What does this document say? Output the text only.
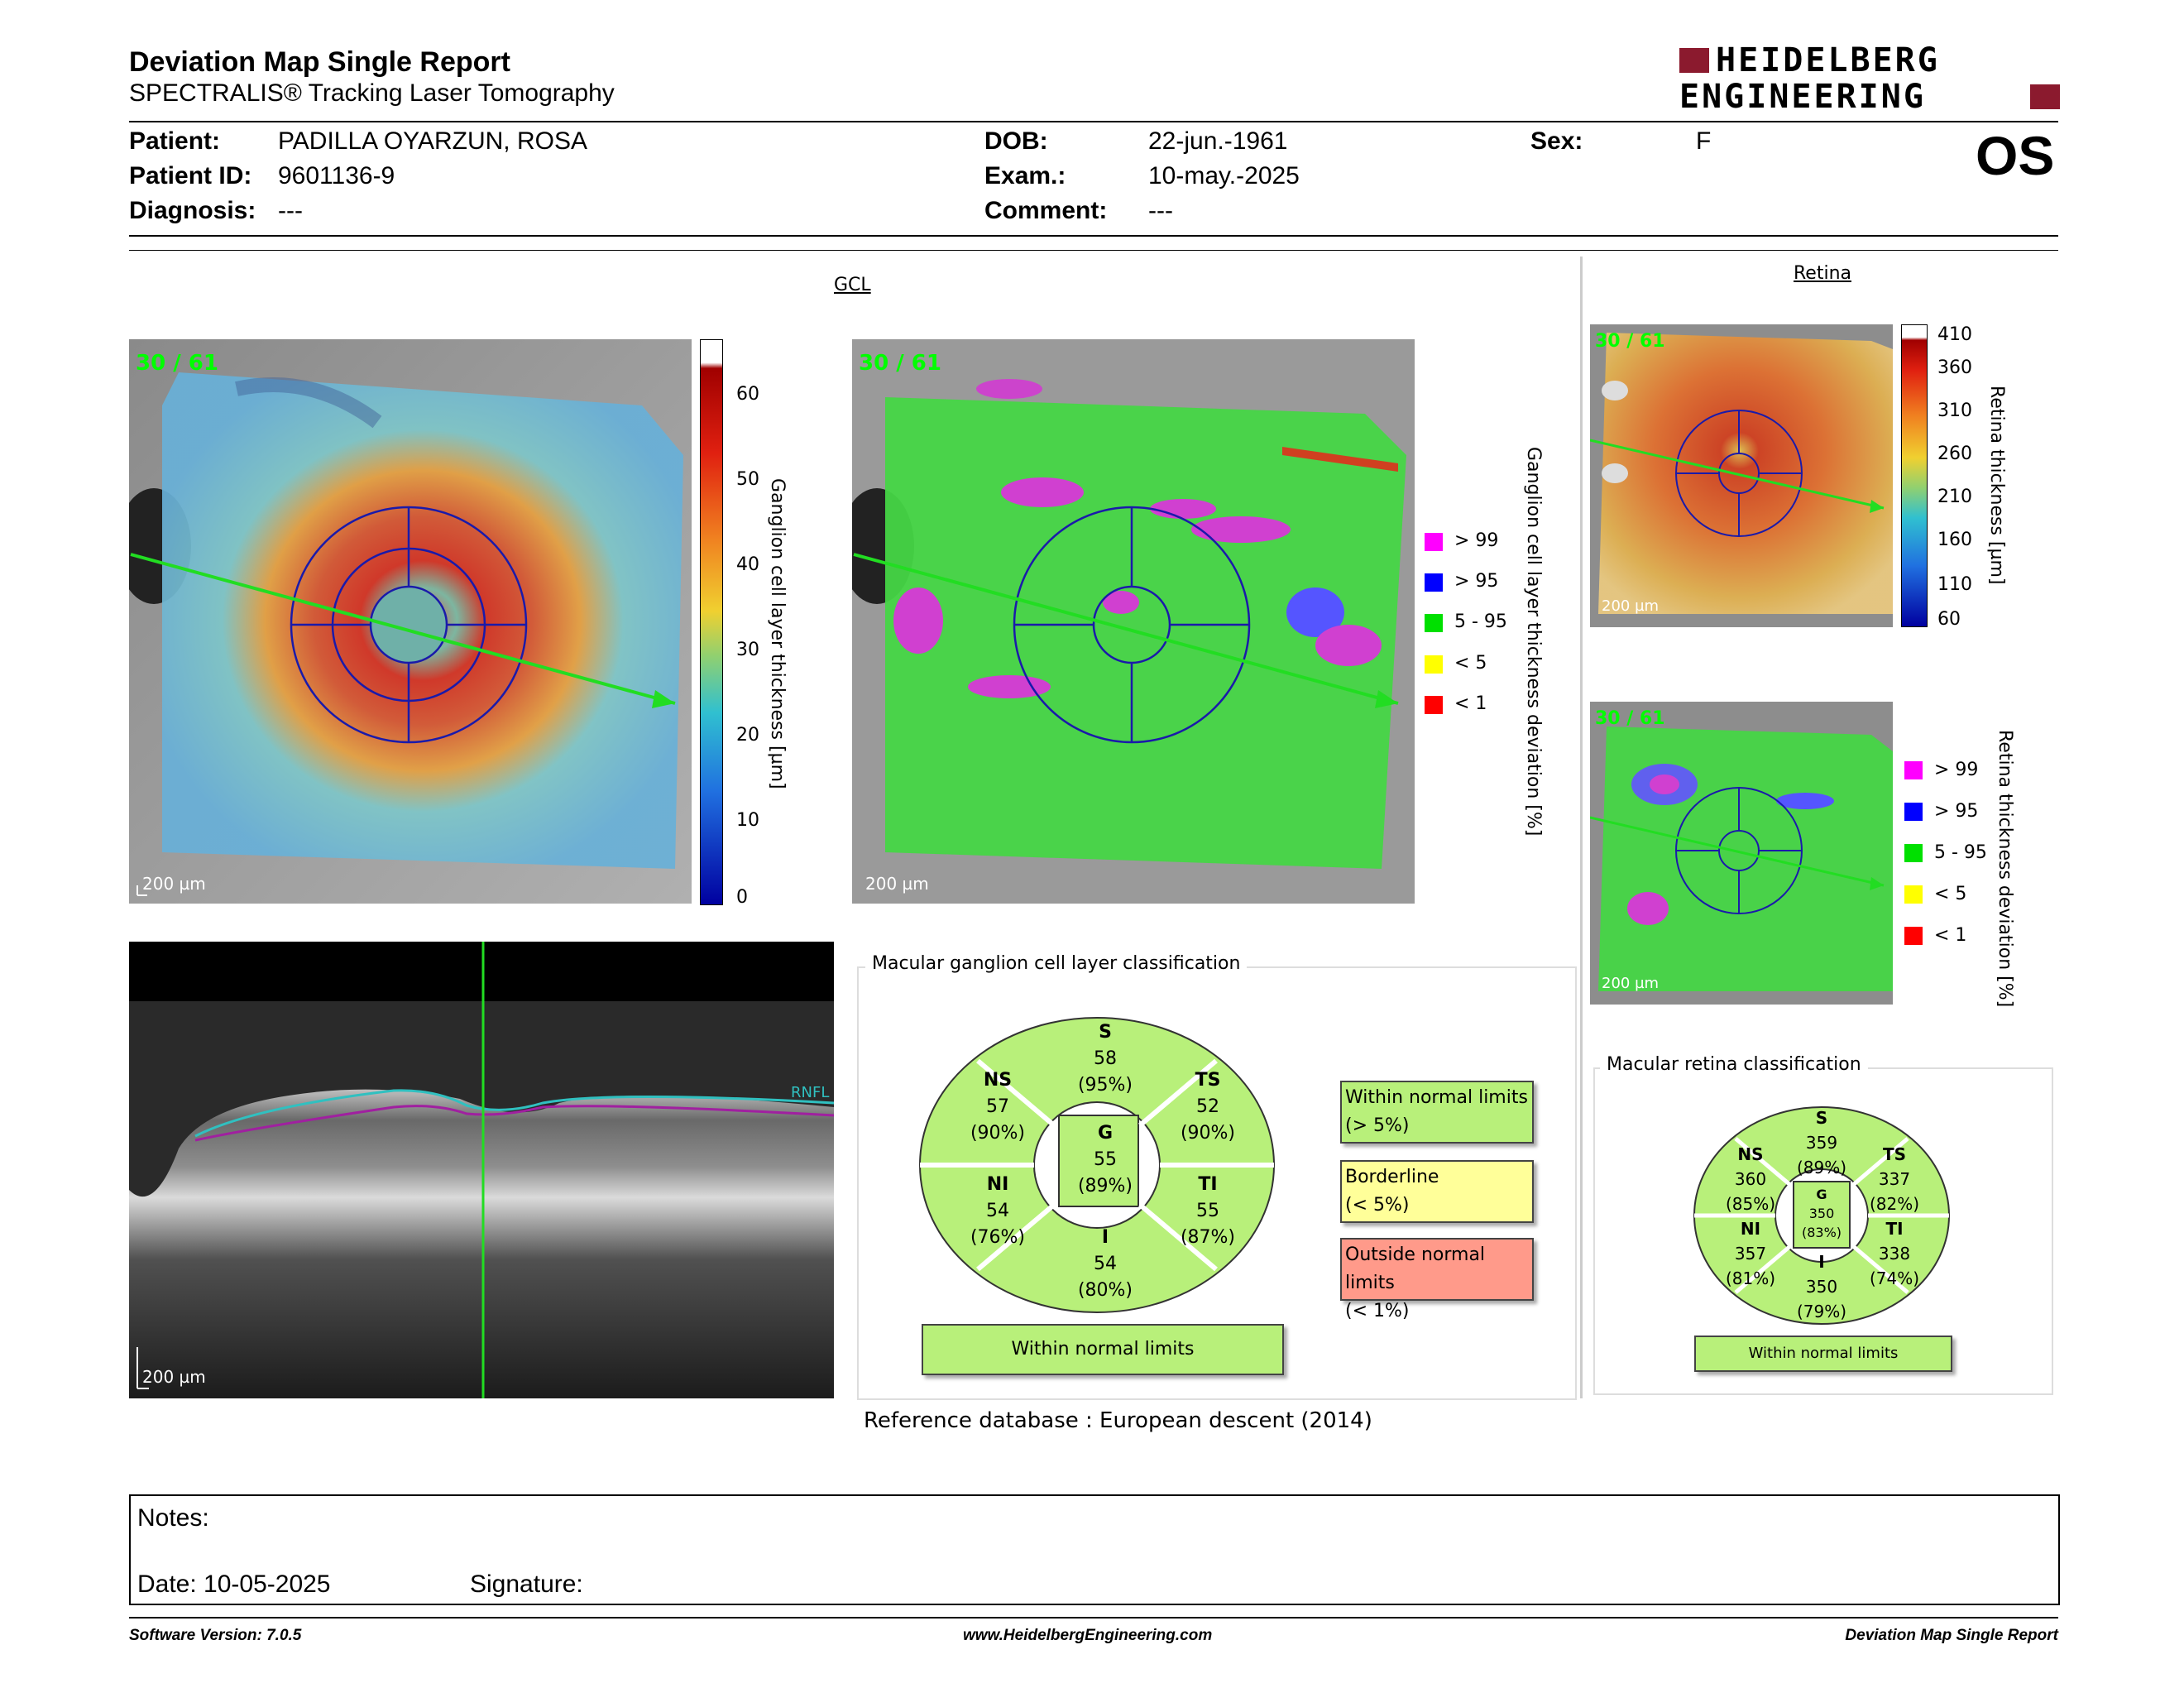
Deviation Map Single Report
SPECTRALIS® Tracking Laser Tomography
HEIDELBERG
ENGINEERING
Patient: PADILLA OYARZUN, ROSA
Patient ID: 9601136-9
Diagnosis: ---
DOB:	22-jun.-1961
Exam.:	10-may.-2025
Comment: ---
Sex:	F	OS
GCL
30 / 61
200 µm
60
50
40
30
20
10
0
Ganglion cell layer thickness [µm]
30 / 61
200 µm
> 99
> 95
5 - 95
< 5
< 1 Ganglion cell layer thickness deviation [%]
Retina
30 / 61
200 µm
410
360
310
260
210
160
110
60
Retina thickness [µm]
30 / 61
200 µm
> 99
> 95
5 - 95
< 5
< 1 Retina thickness deviation [%]
RNFL
200 µm
Macular ganglion cell layer classification
S
58
(95%)
NS
57
(90%)
TS
52
(90%)
G
55
(89%)
NI
54
(76%)
TI
55
(87%)
I
54
(80%)
Within normal limits
Within normal limits
(> 5%)
Borderline
(< 5%)
Outside normal limits
(< 1%)
Reference database : European descent (2014)
Macular retina classification
S
359
(89%)
NS
360
(85%)
TS
337
(82%)
G
350
(83%)
NI
357
(81%)
TI
338
(74%)
I
350
(79%)
Within normal limits
Notes:
Date: 10-05-2025	Signature:
Software Version: 7.0.5	www.HeidelbergEngineering.com	Deviation Map Single Report
